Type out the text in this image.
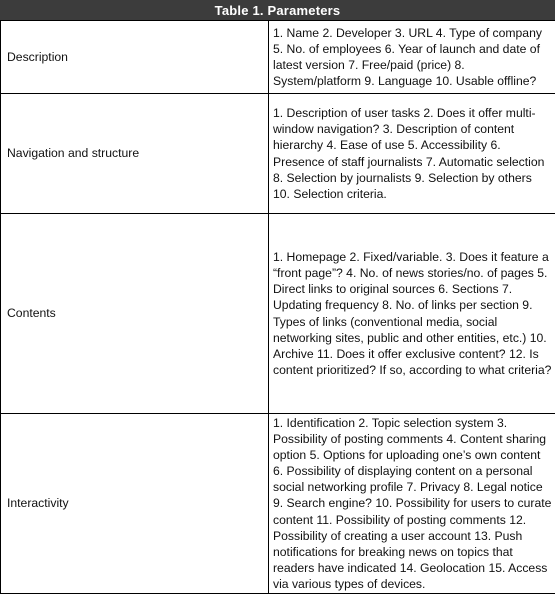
Table 1. Parameters
Description	1. Name 2. Developer 3. URL 4. Type of company 5. No. of employees 6. Year of launch and date of latest version 7. Free/paid (price) 8. System/platform 9. Language 10. Usable offline?
Navigation and structure	1. Description of user tasks 2. Does it offer multi-window navigation? 3. Description of content hierarchy 4. Ease of use 5. Accessibility 6. Presence of staff journalists 7. Automatic selection 8. Selection by journalists 9. Selection by others 10. Selection criteria.
Contents	1. Homepage 2. Fixed/variable. 3. Does it feature a “front page”? 4. No. of news stories/no. of pages 5. Direct links to original sources 6. Sections 7. Updating frequency 8. No. of links per section 9. Types of links (conventional media, social networking sites, public and other entities, etc.) 10. Archive 11. Does it offer exclusive content? 12. Is content prioritized? If so, according to what criteria?
Interactivity	1. Identification 2. Topic selection system 3. Possibility of posting comments 4. Content sharing option 5. Options for uploading one’s own content 6. Possibility of displaying content on a personal social networking profile 7. Privacy 8. Legal notice 9. Search engine? 10. Possibility for users to curate content 11. Possibility of posting comments 12. Possibility of creating a user account 13. Push notifications for breaking news on topics that readers have indicated 14. Geolocation 15. Access via various types of devices.
